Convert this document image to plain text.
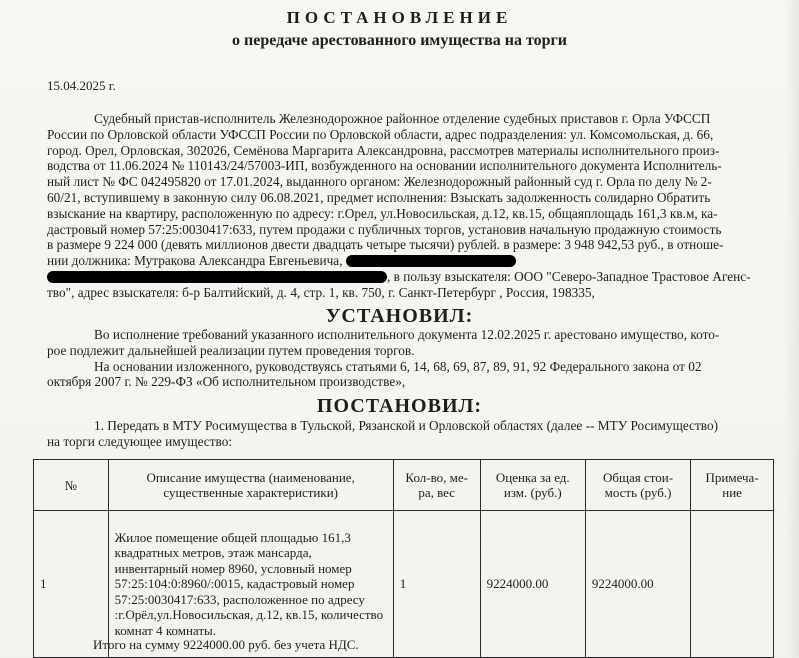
ПОСТАНОВЛЕНИЕ
о передаче арестованного имущества на торги
15.04.2025 г.
Судебный пристав-исполнитель Железнодорожное районное отделение судебных приставов г. Орла УФССП
России по Орловской области УФССП России по Орловской области, адрес подразделения: ул. Комсомольская, д. 66,
город. Орел, Орловская, 302026, Семёнова Маргарита Александровна, рассмотрев материалы исполнительного произ-
водства от 11.06.2024 № 110143/24/57003-ИП, возбужденного на основании исполнительного документа Исполнитель-
ный лист № ФС 042495820 от 17.01.2024, выданного органом: Железнодорожный районный суд г. Орла по делу № 2-
60/21, вступившему в законную силу 06.08.2021, предмет исполнения: Взыскать задолженность солидарно Обратить
взыскание на квартиру, расположенную по адресу: г.Орел, ул.Новосильская, д.12, кв.15, общаяплощадь 161,3 кв.м, ка-
дастровый номер 57:25:0030417:633, путем продажи с публичных торгов, установив начальную продажную стоимость
в размере 9 224 000 (девять миллионов двести двадцать четыре тысячи) рублей. в размере: 3 948 942,53 руб., в отноше-
нии должника: Мутракова Александра Евгеньевича,
, в пользу взыскателя: ООО "Северо-Западное Трастовое Агенс-
тво", адрес взыскателя: б-р Балтийский, д. 4, стр. 1, кв. 750, г. Санкт-Петербург , Россия, 198335,
УСТАНОВИЛ:
Во исполнение требований указанного исполнительного документа 12.02.2025 г. арестовано имущество, кото-
рое подлежит дальнейшей реализации путем проведения торгов.
На основании изложенного, руководствуясь статьями 6, 14, 68, 69, 87, 89, 91, 92 Федерального закона от 02
октября 2007 г. № 229-ФЗ «Об исполнительном производстве»,
ПОСТАНОВИЛ:
1. Передать в МТУ Росимущества в Тульской, Рязанской и Орловской областях (далее -- МТУ Росимущество)
на торги следующее имущество:
№	Описание имущества (наименование, существенные характеристики)	Кол-во, ме- ра, вес	Оценка за ед. изм. (руб.)	Общая стои- мость (руб.)	Примеча- ние
1	Жилое помещение общей площадью 161,3 квадратных метров, этаж мансарда, инвентарный номер 8960, условный номер 57:25:104:0:8960/:0015, кадастровый номер 57:25:0030417:633, расположенное по адресу :г.Орёл,ул.Новосильская, д.12, кв.15, количество комнат 4 комнаты.	1	9224000.00	9224000.00	
Итого на сумму 9224000.00 руб. без учета НДС.
